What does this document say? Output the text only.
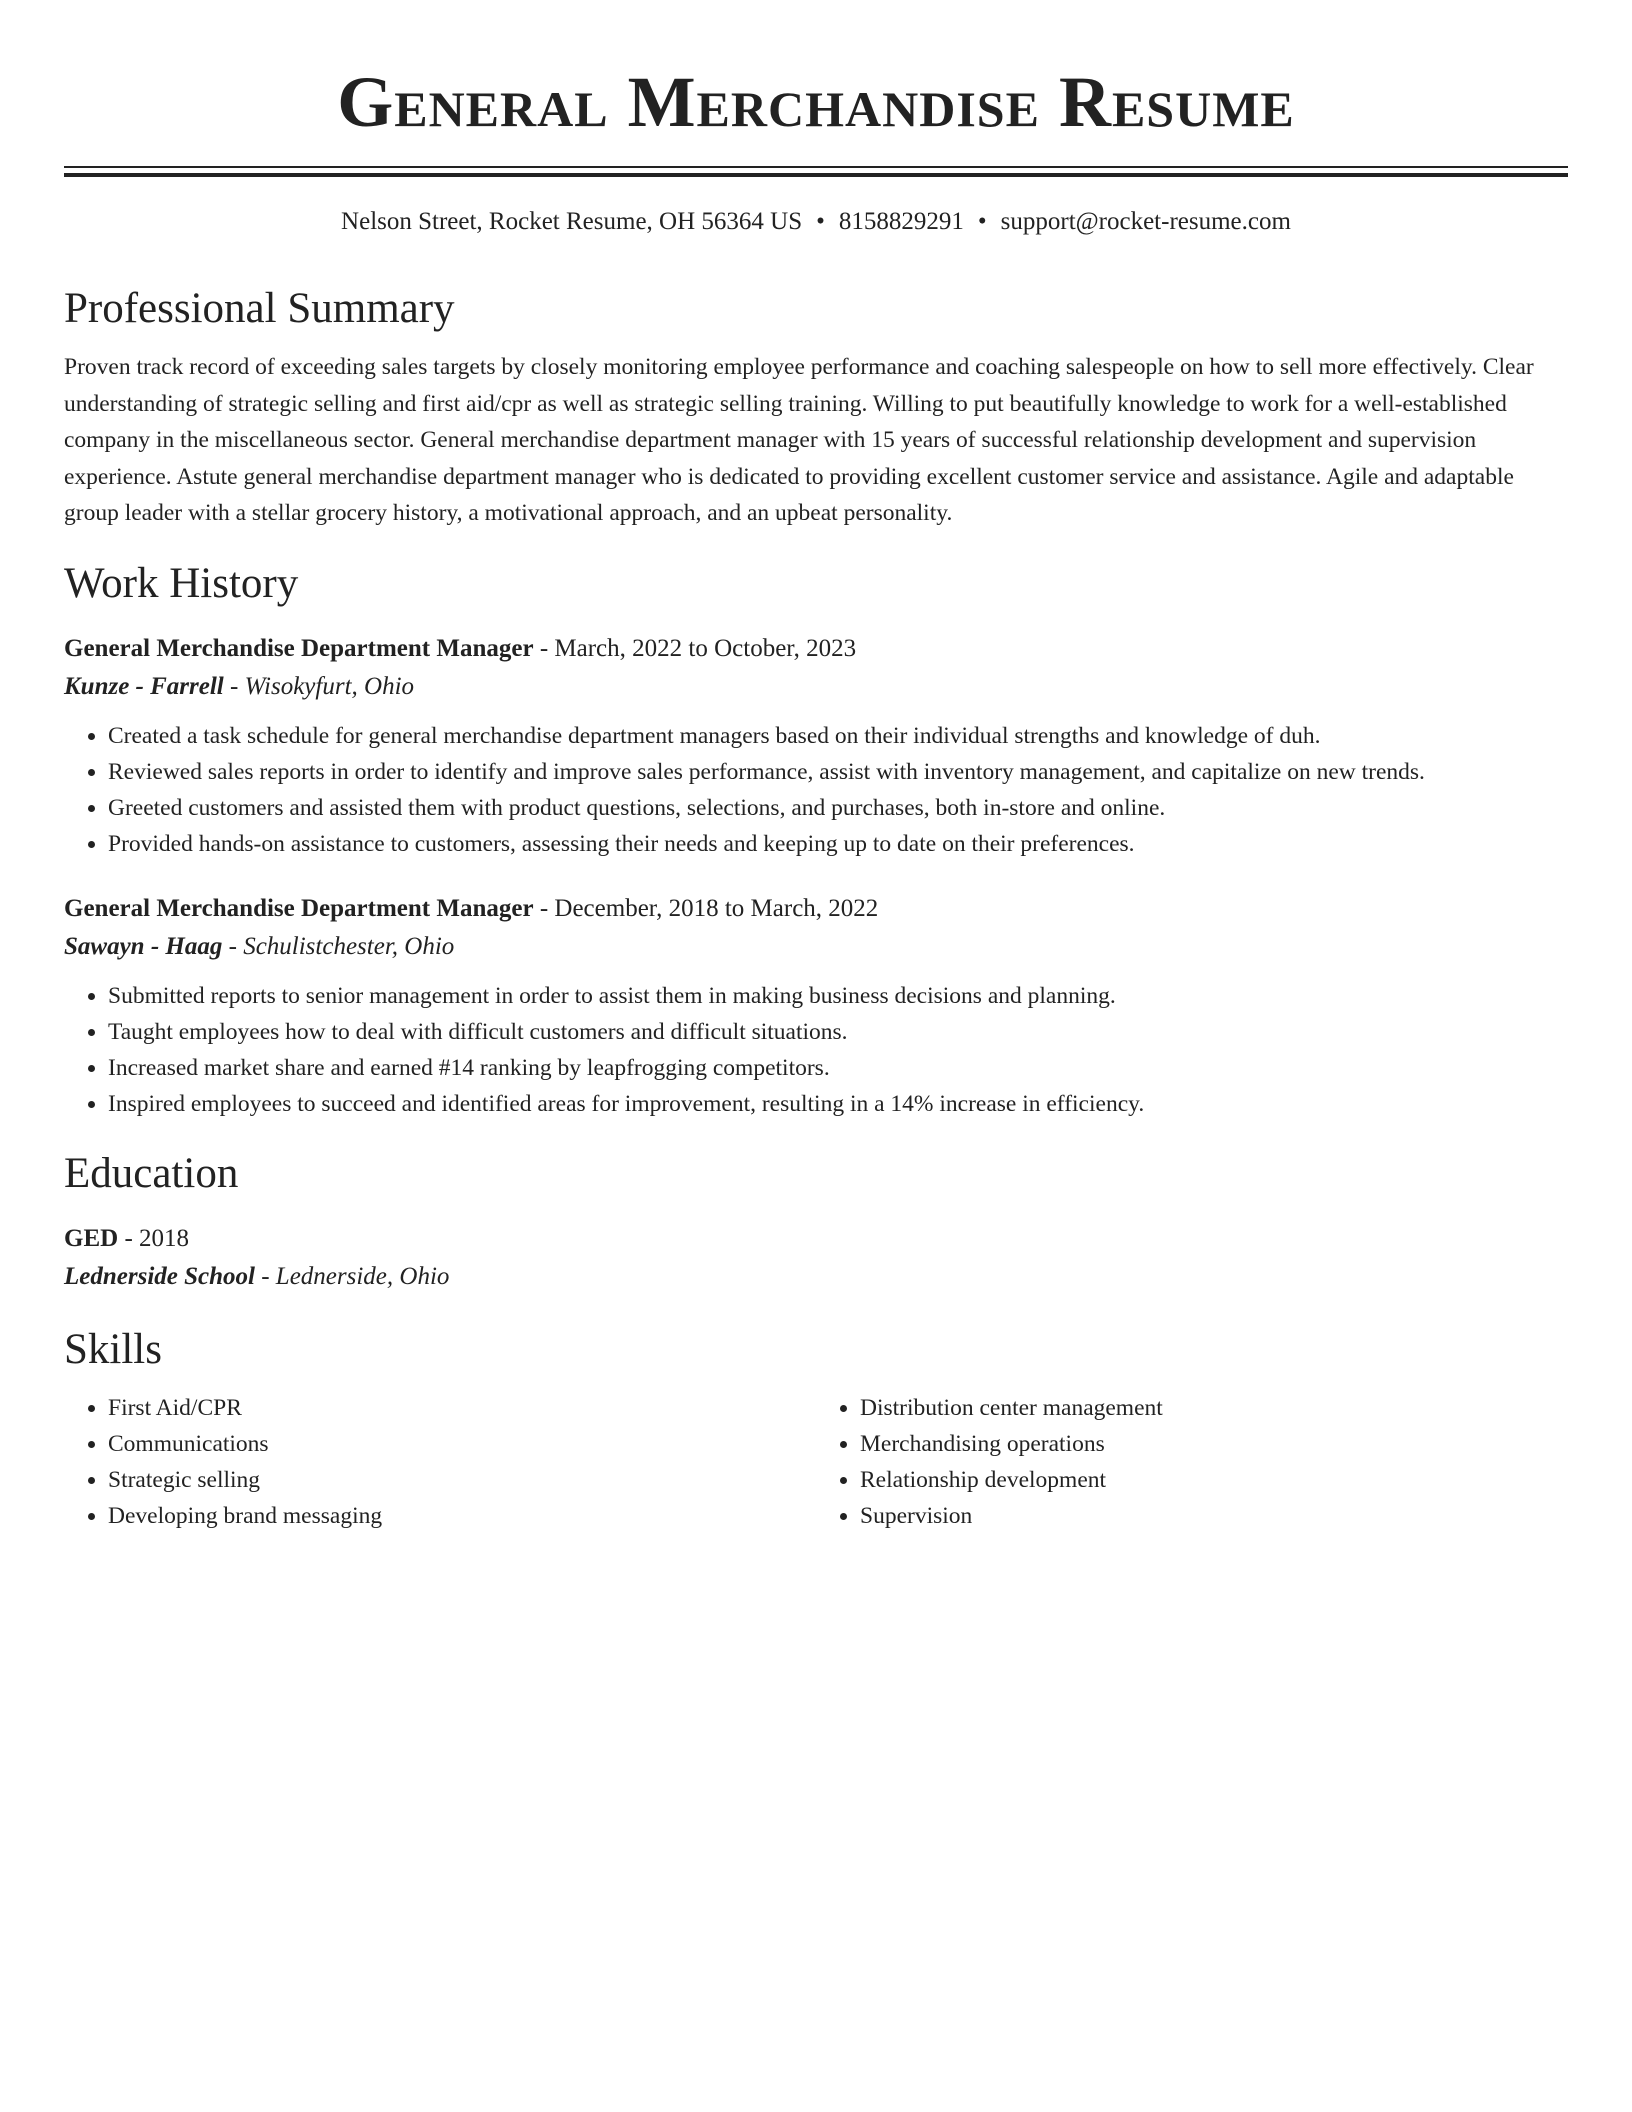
General Merchandise Resume
Nelson Street, Rocket Resume, OH 56364 US • 8158829291 • support@rocket-resume.com
Professional Summary

Proven track record of exceeding sales targets by closely monitoring employee performance and coaching salespeople on how to sell more effectively. Clear understanding of strategic selling and first aid/cpr as well as strategic selling training. Willing to put beautifully knowledge to work for a well-established company in the miscellaneous sector. General merchandise department manager with 15 years of successful relationship development and supervision experience. Astute general merchandise department manager who is dedicated to providing excellent customer service and assistance. Agile and adaptable group leader with a stellar grocery history, a motivational approach, and an upbeat personality.

Work History
General Merchandise Department Manager - March, 2022 to October, 2023
Kunze - Farrell - Wisokyfurt, Ohio
• Created a task schedule for general merchandise department managers based on their individual strengths and knowledge of duh.
• Reviewed sales reports in order to identify and improve sales performance, assist with inventory management, and capitalize on new trends.
• Greeted customers and assisted them with product questions, selections, and purchases, both in-store and online.
• Provided hands-on assistance to customers, assessing their needs and keeping up to date on their preferences.
General Merchandise Department Manager - December, 2018 to March, 2022
Sawayn - Haag - Schulistchester, Ohio
• Submitted reports to senior management in order to assist them in making business decisions and planning.
• Taught employees how to deal with difficult customers and difficult situations.
• Increased market share and earned #14 ranking by leapfrogging competitors.
• Inspired employees to succeed and identified areas for improvement, resulting in a 14% increase in efficiency.
Education
GED - 2018
Lednerside School - Lednerside, Ohio
Skills
• First Aid/CPR
• Communications
• Strategic selling
• Developing brand messaging
• Distribution center management
• Merchandising operations
• Relationship development
• Supervision
